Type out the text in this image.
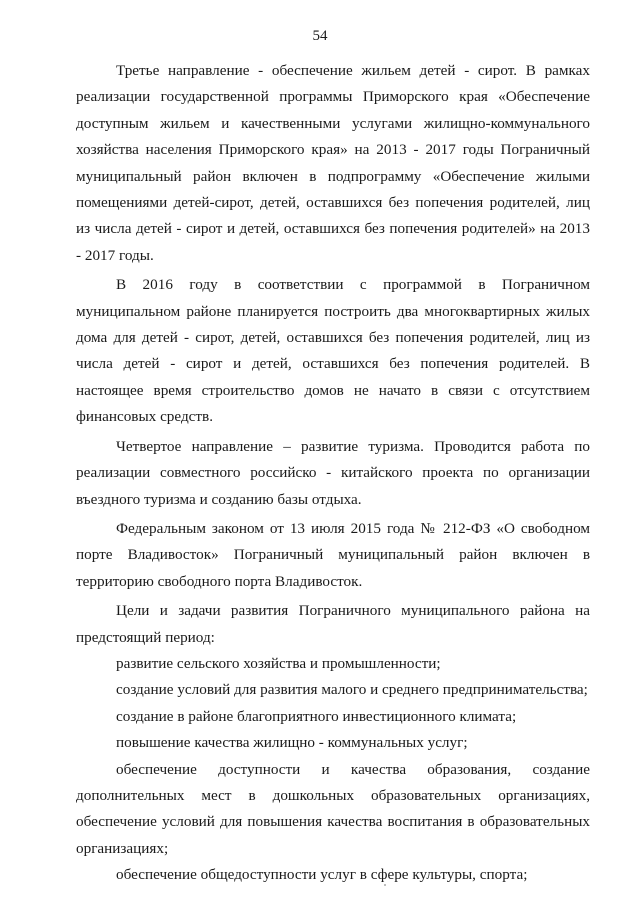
54

Третье направление - обеспечение жильем детей - сирот. В рамках реализации государственной программы Приморского края «Обеспечение доступным жильем и качественными услугами жилищно-коммунального хозяйства населения Приморского края» на 2013 - 2017 годы Пограничный муниципальный район включен в подпрограмму «Обеспечение жилыми помещениями детей-сирот, детей, оставшихся без попечения родителей, лиц из числа детей - сирот и детей, оставшихся без попечения родителей» на 2013 - 2017 годы.

В 2016 году в соответствии с программой в Пограничном муниципальном районе планируется построить два многоквартирных жилых дома для детей - сирот, детей, оставшихся без попечения родителей, лиц из числа детей - сирот и детей, оставшихся без попечения родителей. В настоящее время строительство домов не начато в связи с отсутствием финансовых средств.

Четвертое направление – развитие туризма. Проводится работа по реализации совместного российско - китайского проекта по организации въездного туризма и созданию базы отдыха.

Федеральным законом от 13 июля 2015 года № 212-ФЗ «О свободном порте Владивосток» Пограничный муниципальный район включен в территорию свободного порта Владивосток.

Цели и задачи развития Пограничного муниципального района на предстоящий период:

развитие сельского хозяйства и промышленности;

создание условий для развития малого и среднего предпринимательства;

создание в районе благоприятного инвестиционного климата;

повышение качества жилищно - коммунальных услуг;

обеспечение доступности и качества образования, создание дополнительных мест в дошкольных образовательных организациях, обеспечение условий для повышения качества воспитания в образовательных организациях;

обеспечение общедоступности услуг в сфере культуры, спорта;
